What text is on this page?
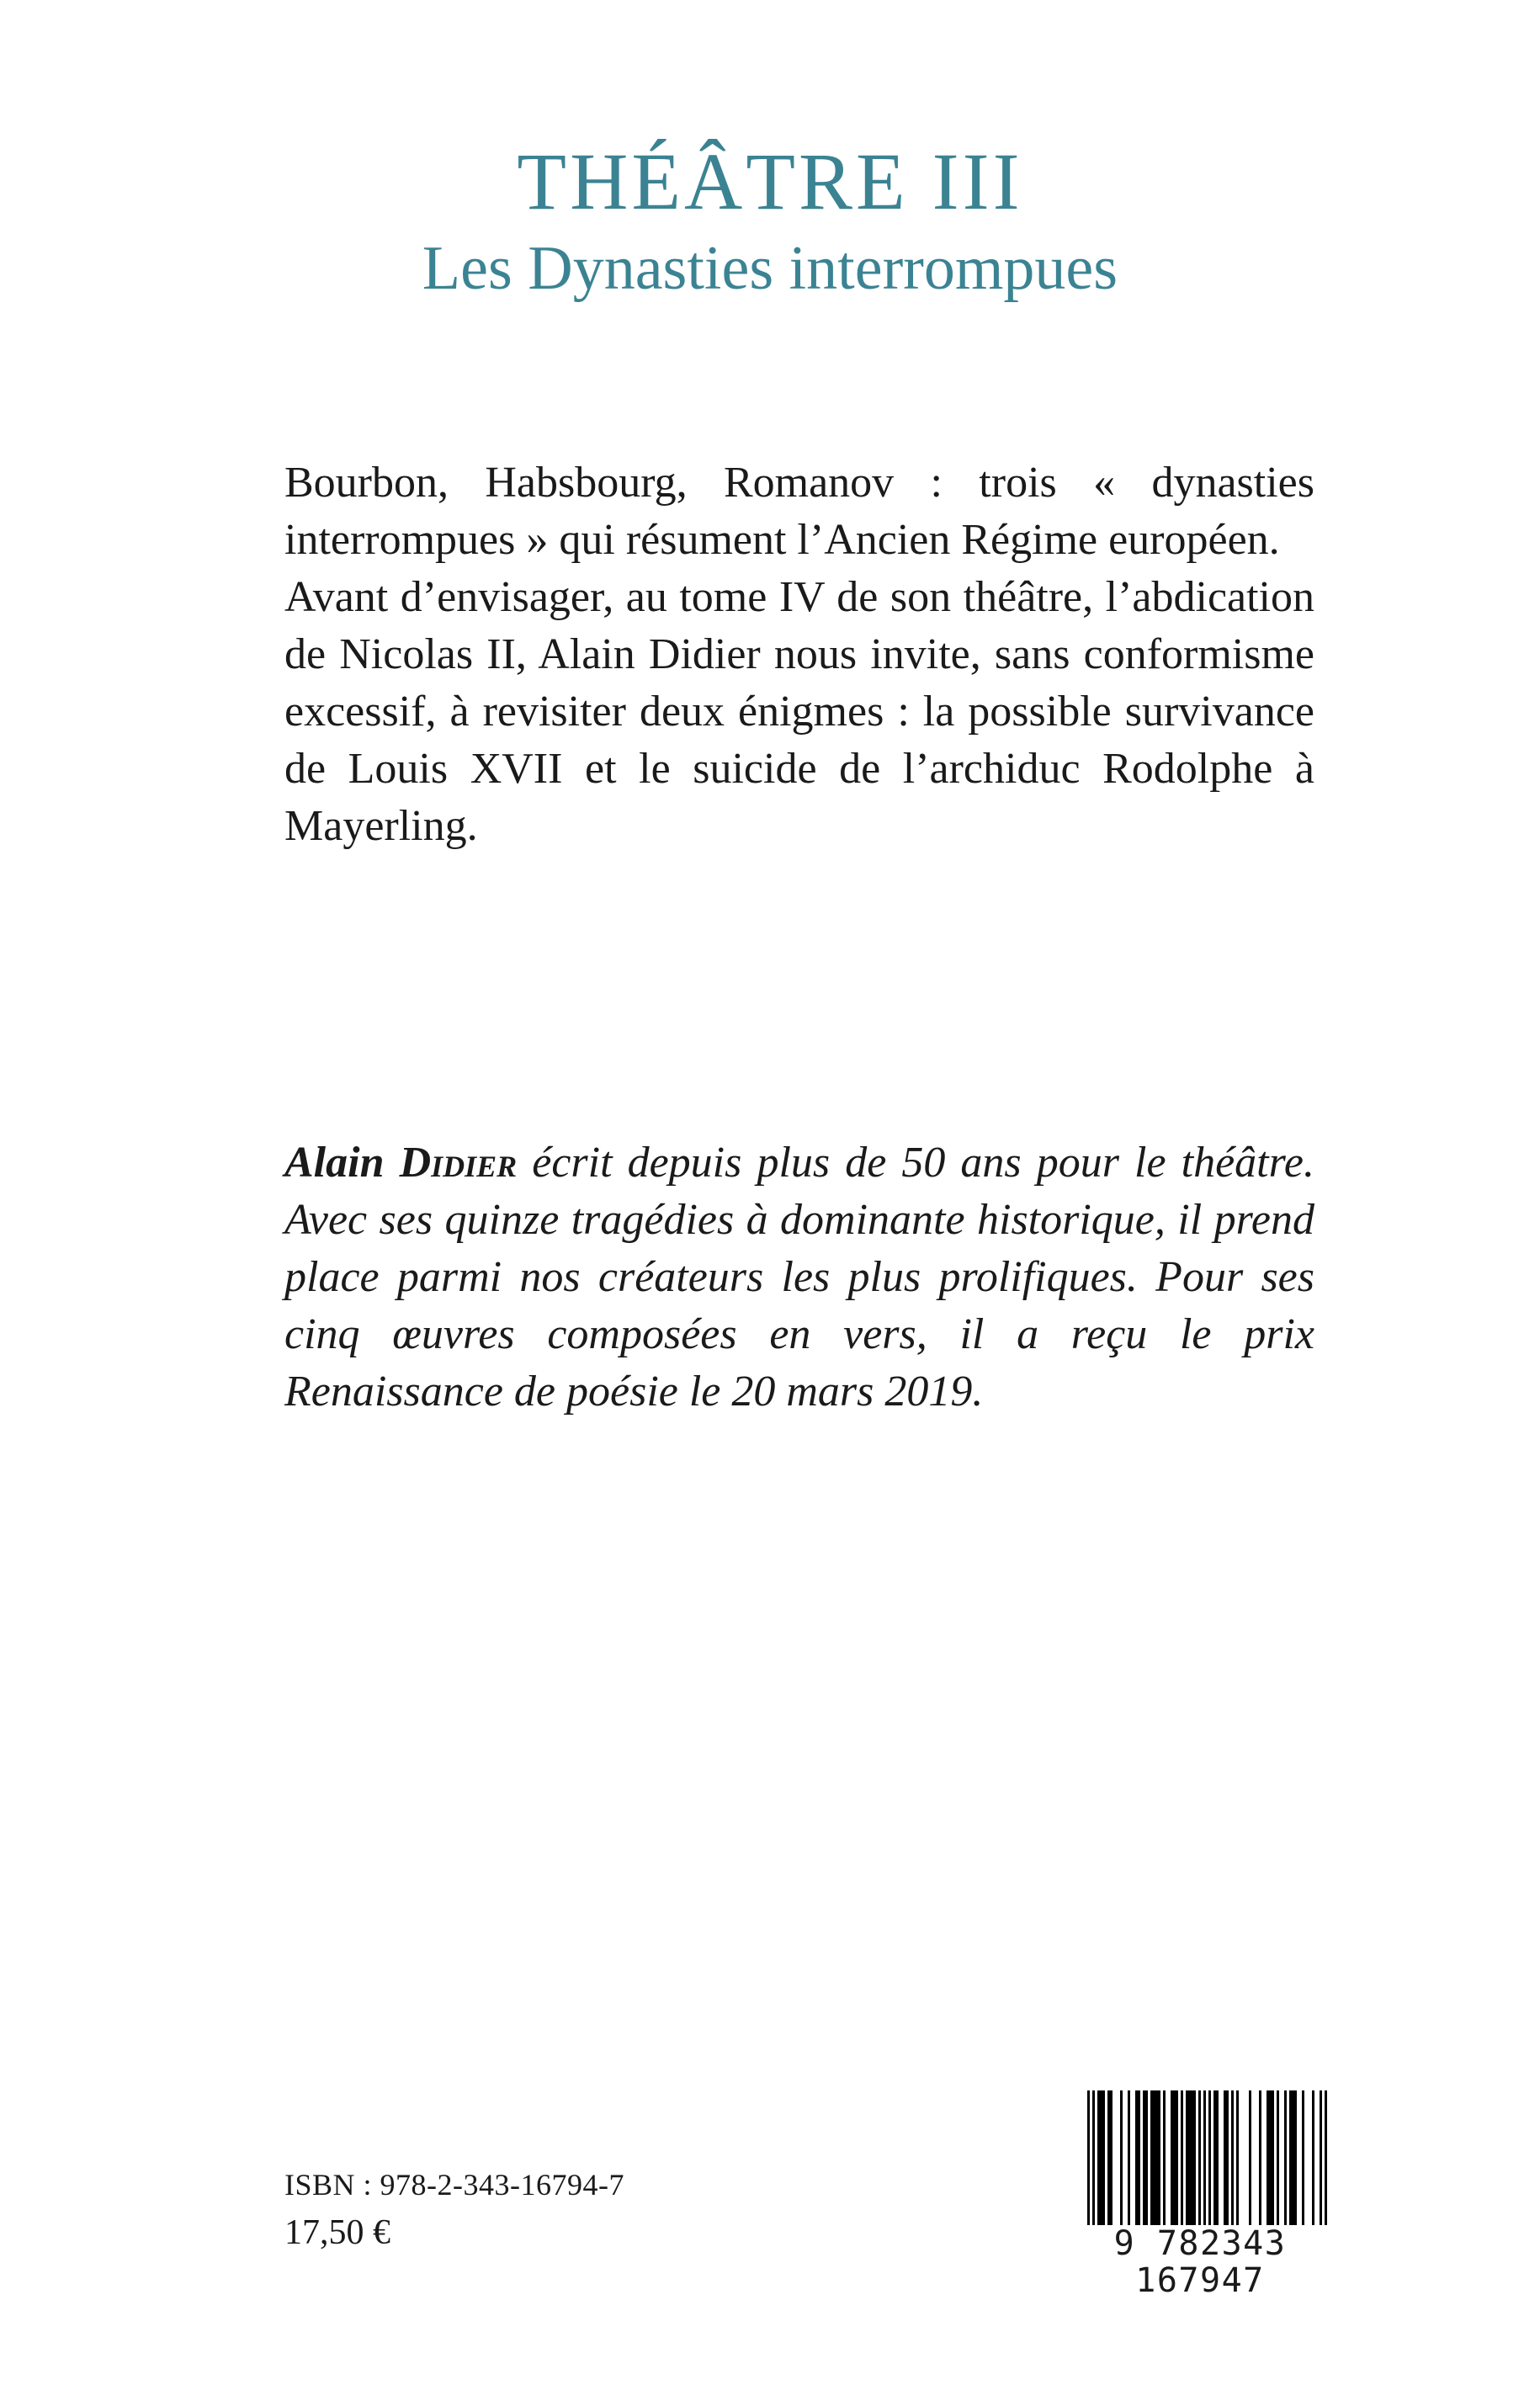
THÉÂTRE III
Les Dynasties interrompues

Bourbon, Habsbourg, Romanov : trois « dynasties interrompues » qui résument l’Ancien Régime européen.

Avant d’envisager, au tome IV de son théâtre, l’abdication de Nicolas II, Alain Didier nous invite, sans conformisme excessif, à revisiter deux énigmes : la possible survivance de Louis XVII et le suicide de l’archiduc Rodolphe à Mayerling.

Alain Didier écrit depuis plus de 50 ans pour le théâtre. Avec ses quinze tragédies à dominante historique, il prend place parmi nos créateurs les plus prolifiques. Pour ses cinq œuvres composées en vers, il a reçu le prix Renaissance de poésie le 20 mars 2019.

ISBN : 978-2-343-16794-7
17,50 €	9 782343 167947
